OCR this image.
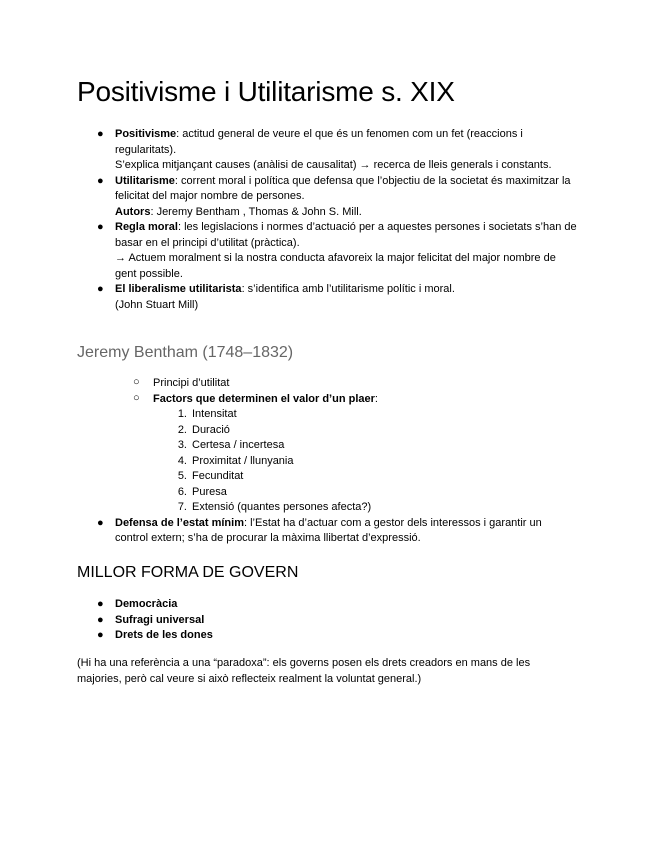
Positivisme i Utilitarisme s. XIX
● Positivisme: actitud general de veure el que és un fenomen com un fet (reaccions i regularitats).
S’explica mitjançant causes (anàlisi de causalitat) → recerca de lleis generals i constants.
● Utilitarisme: corrent moral i política que defensa que l’objectiu de la societat és maximitzar la felicitat del major nombre de persones.
Autors: Jeremy Bentham , Thomas & John S. Mill.
● Regla moral: les legislacions i normes d’actuació per a aquestes persones i societats s’han de basar en el principi d’utilitat (pràctica).
→ Actuem moralment si la nostra conducta afavoreix la major felicitat del major nombre de gent possible.
● El liberalisme utilitarista: s’identifica amb l’utilitarisme polític i moral.
(John Stuart Mill)
Jeremy Bentham (1748–1832)
○ Principi d’utilitat
○ Factors que determinen el valor d’un plaer:
1. Intensitat
2. Duració
3. Certesa / incertesa
4. Proximitat / llunyania
5. Fecunditat
6. Puresa
7. Extensió (quantes persones afecta?)
● Defensa de l’estat mínim: l’Estat ha d’actuar com a gestor dels interessos i garantir un control extern; s’ha de procurar la màxima llibertat d’expressió.
MILLOR FORMA DE GOVERN
● Democràcia
● Sufragi universal
● Drets de les dones

(Hi ha una referència a una “paradoxa”: els governs posen els drets creadors en mans de les majories, però cal veure si això reflecteix realment la voluntat general.)
